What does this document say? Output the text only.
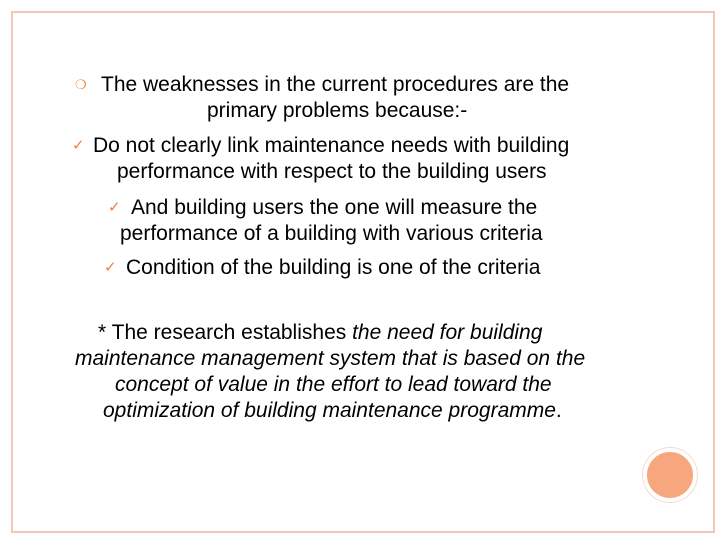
❍ The weaknesses in the current procedures are the
primary problems because:-
✓ Do not clearly link maintenance needs with building
performance with respect to the building users
✓ And building users the one will measure the
performance of a building with various criteria
✓ Condition of the building is one of the criteria
* The research establishes the need for building
maintenance management system that is based on the
concept of value in the effort to lead toward the
optimization of building maintenance programme.
